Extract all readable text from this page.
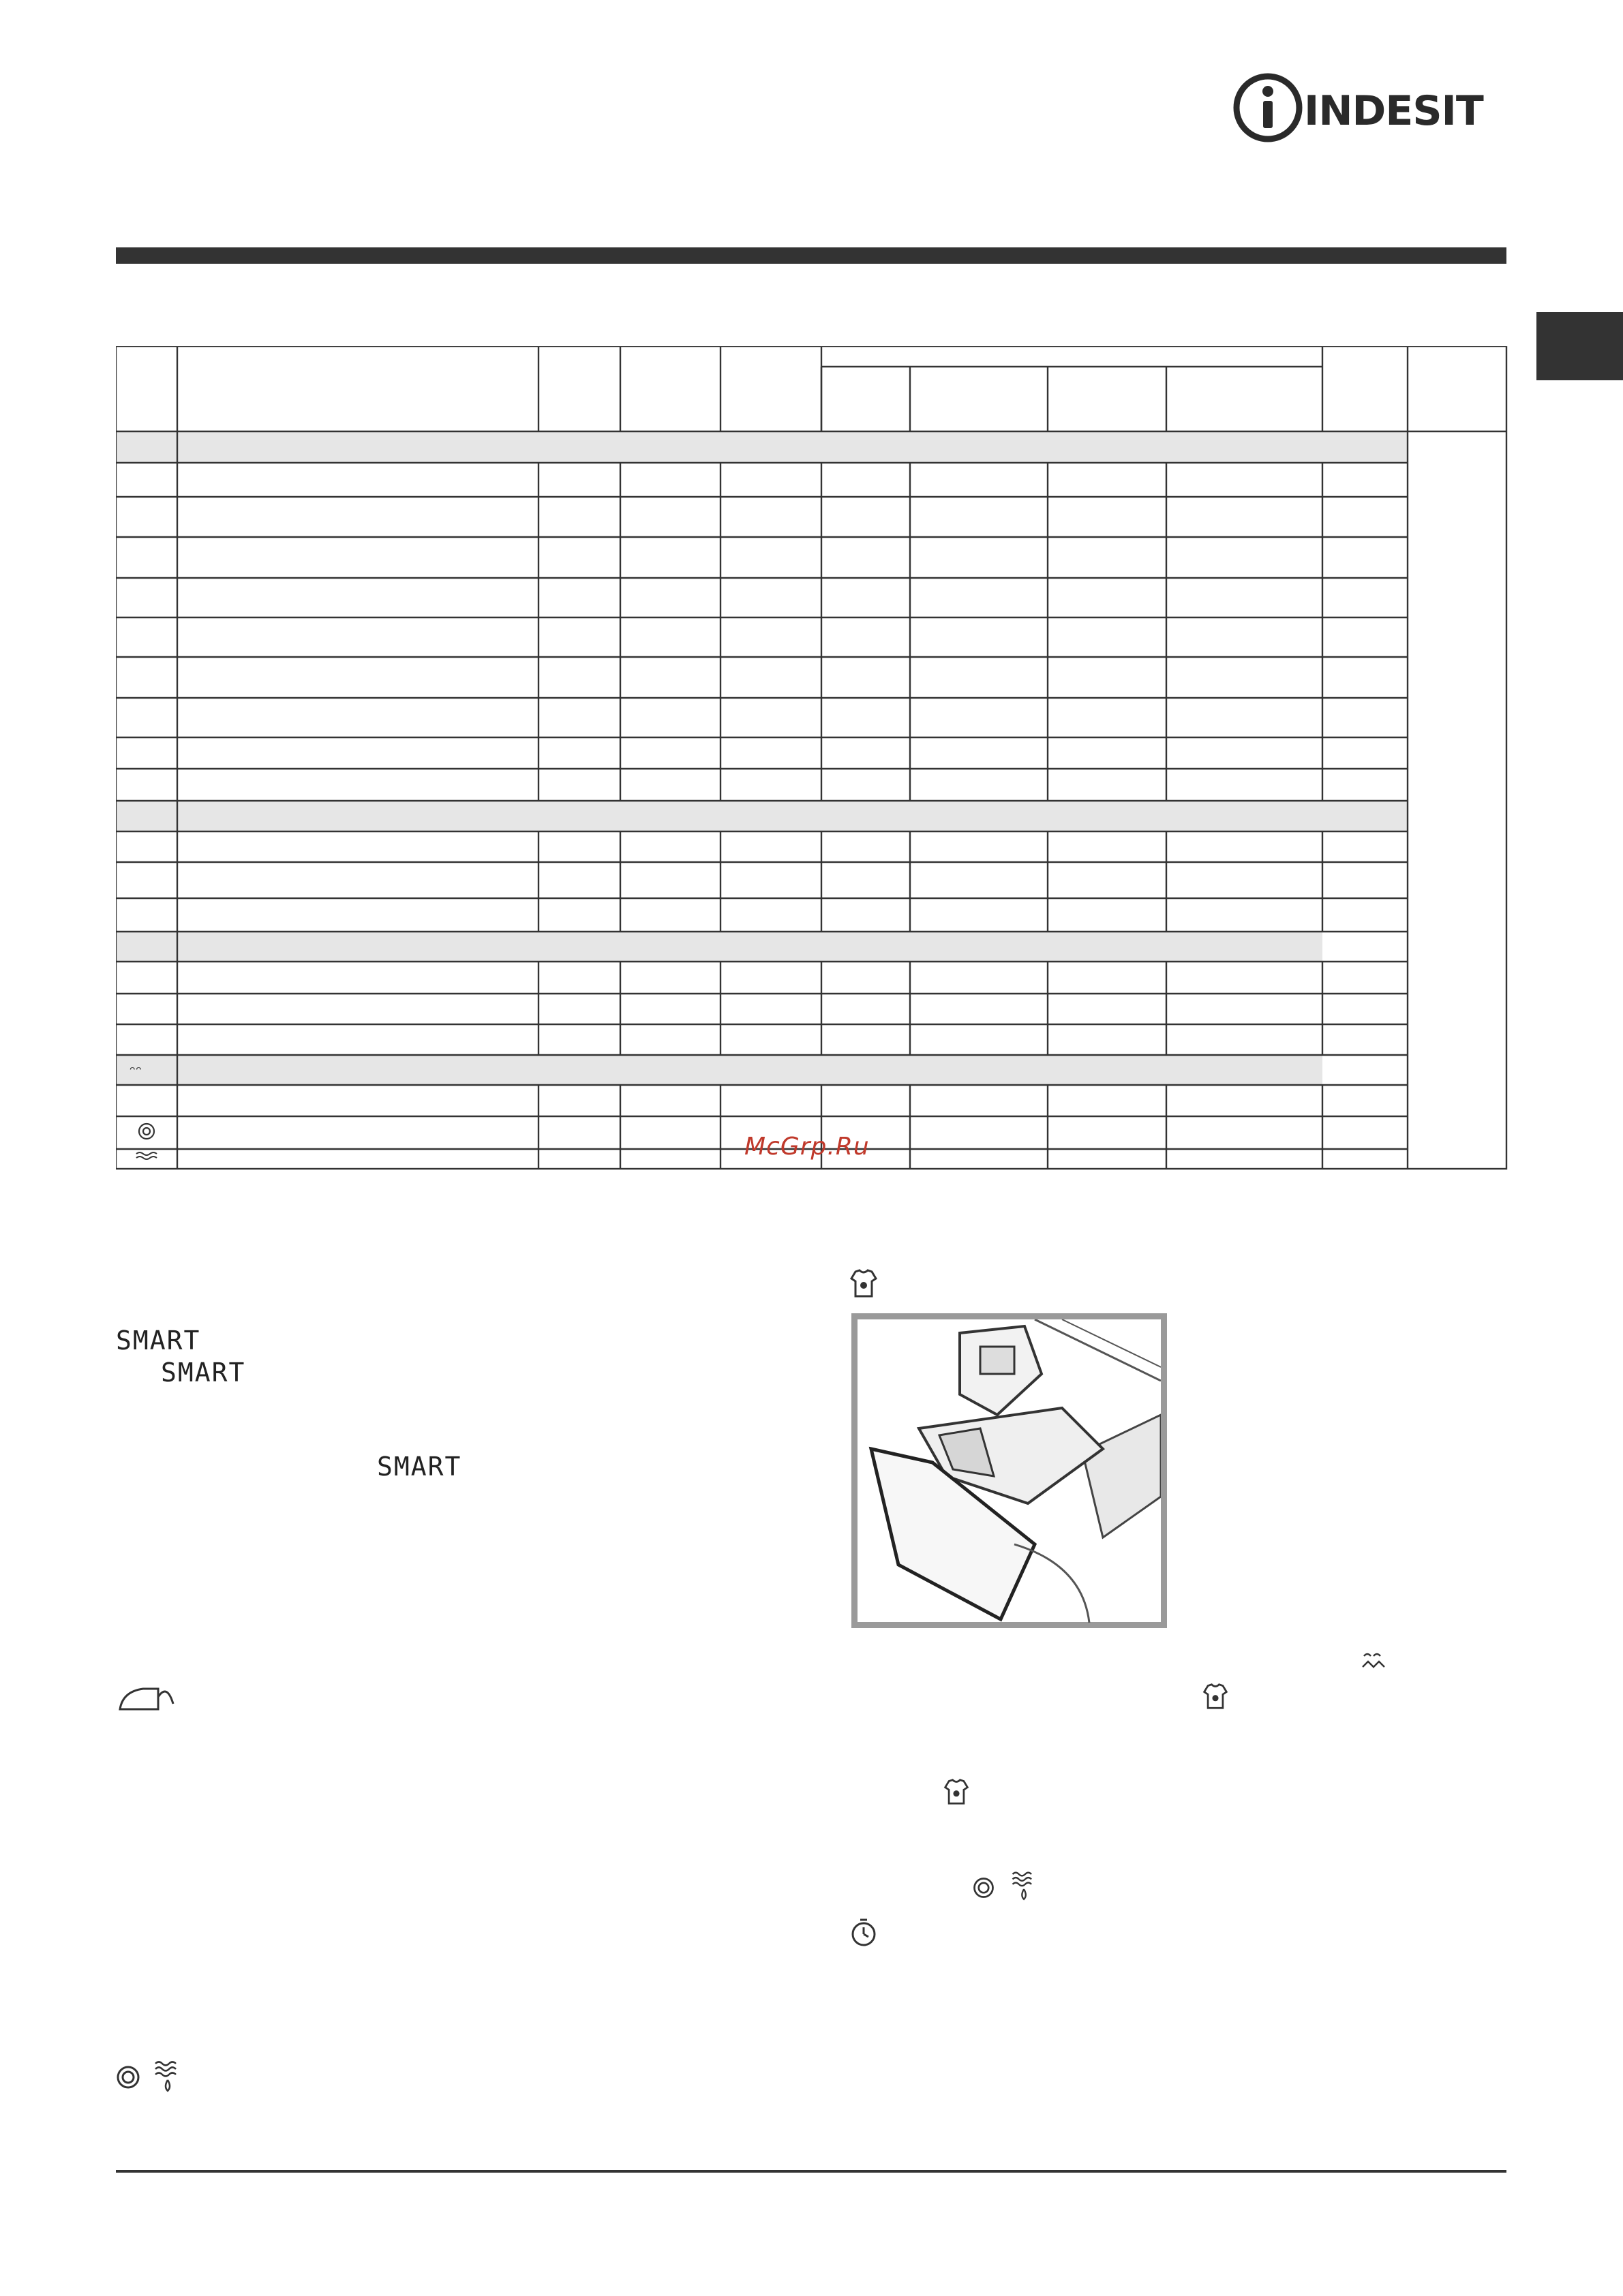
INDESIT
ᵔᵔ
McGrp.Ru
SMART
SMART
SMART
